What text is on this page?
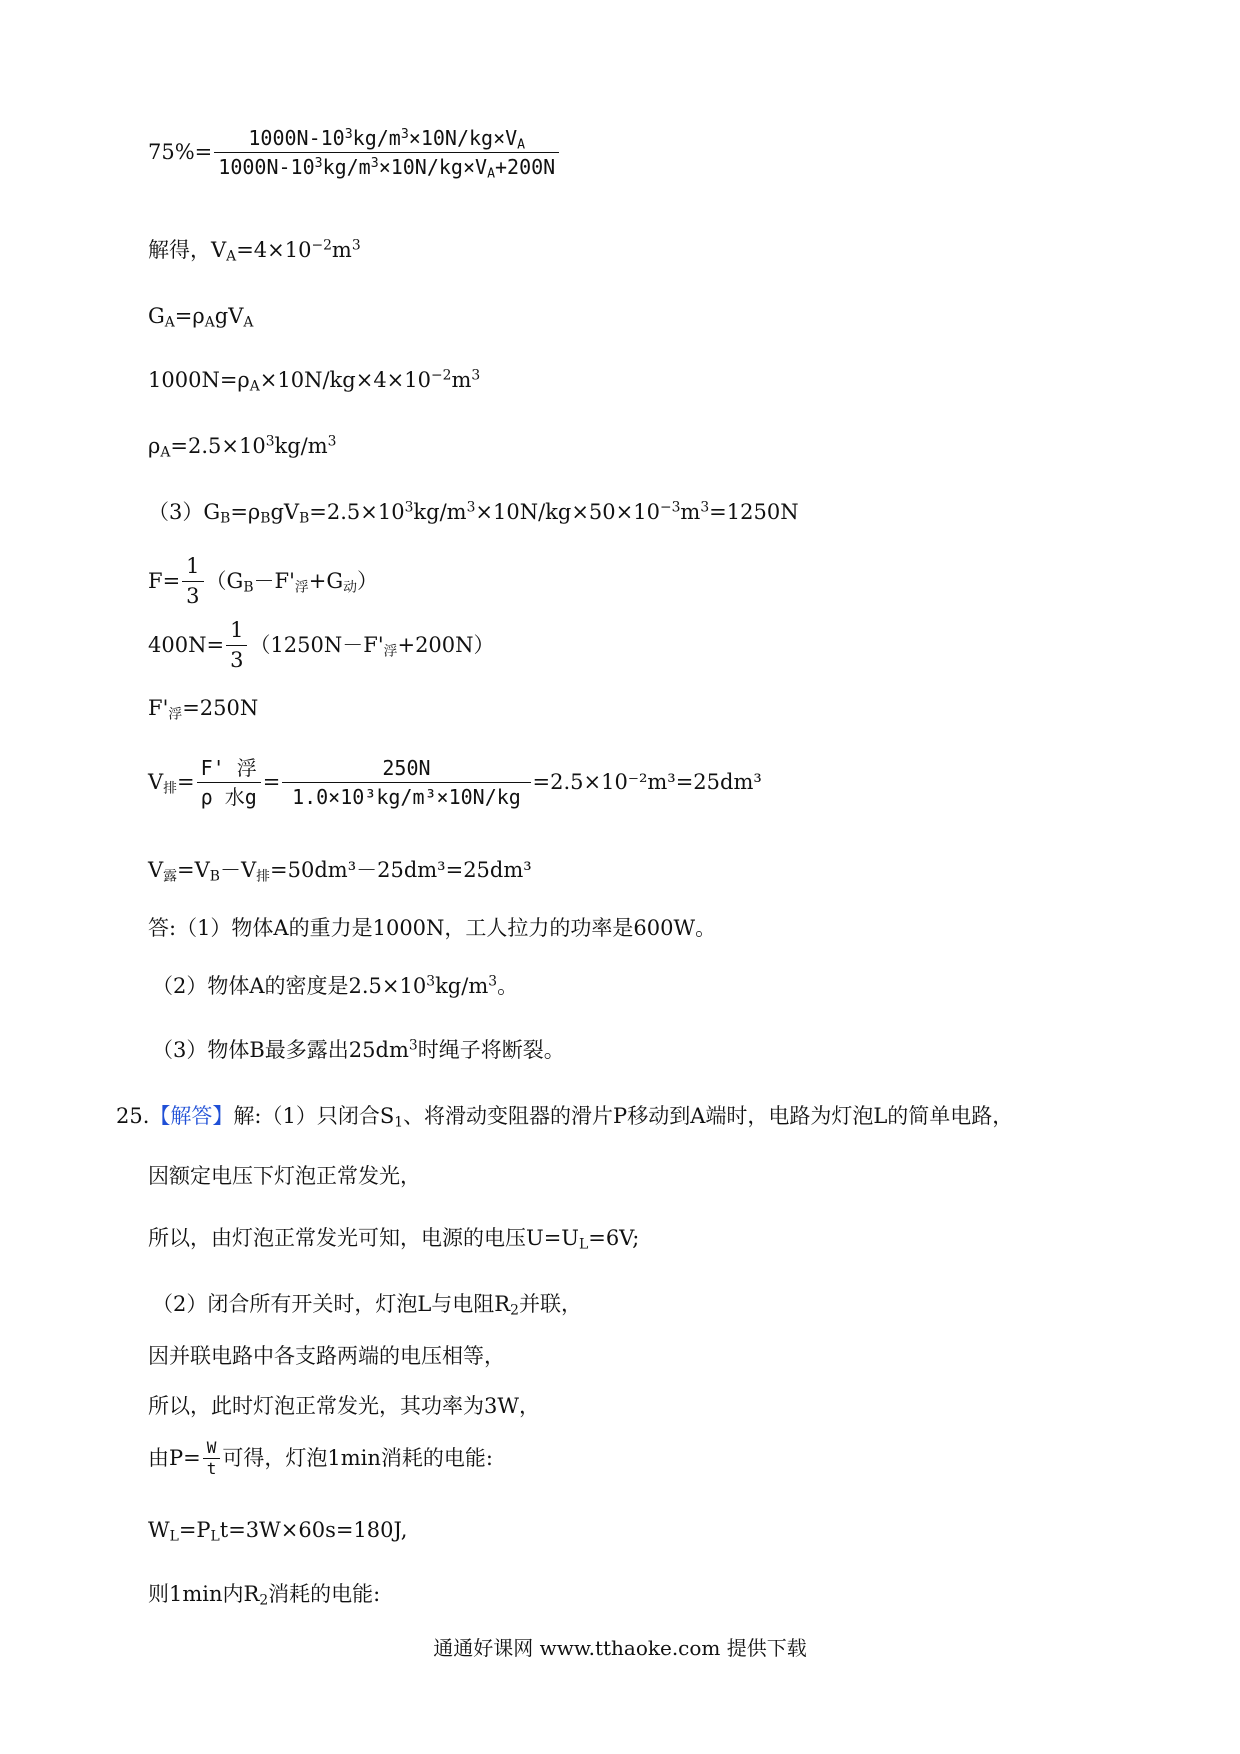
$75\%= \frac{1000N-10^3kg/m^3\times 10N/kg\times V_A}{1000N-10^3kg/m^3\times 10N/kg\times V_A+200N}$
解得，$V_A=4\times 10^{-2}m^3$
$G_A=\rho_AgV_A$
$1000N=\rho_A\times 10N/kg\times 4\times 10^{-2}m^3$
$\rho_A=2.5\times 10^3kg/m^3$
$(3)G_B=\rho_BgV_B=2.5\times 10^3kg/m^3\times 10N/kg\times 50\times 10^{-3}m^3=1250N$
$F= \frac{1}{3} (G_B-F'_浮+G_动)$
$400N= \frac{1}{3} (1250N-F'_浮+200N)$
$F'_浮=250N$
$V_排= \frac{\text{F' 浮}}{\text{ρ 水g}} = \frac{250N}{\text{1.0×10³kg/m³×10N/kg}} =2.5\times 10^{-2}m^3=25dm^3$
$V_露=V_B-V_排=50dm^3-25dm^3=25dm^3$
答:（1）物体A的重力是1000N，工人拉力的功率是600W。
（2）物体A的密度是$2.5\times 10^3kg/m^3$。
（3）物体B最多露出$25dm^3$时绳子将断裂。
25.【解答】解:（1）只闭合$S_1$、将滑动变阻器的滑片P移动到A端时，电路为灯泡L的简单电路，
因额定电压下灯泡正常发光，
所以，由灯泡正常发光可知，电源的电压$U=U_L=6V$;
（2）闭合所有开关时，灯泡L与电阻$R_2$并联，
因并联电路中各支路两端的电压相等，
所以，此时灯泡正常发光，其功率为3W，
由$P= \frac{W}{t}$ 可得，灯泡1min消耗的电能:
$W_L=P_Lt=3W\times 60s=180J$,
则1min内$R_2$消耗的电能:
通通好课网 www.tthaoke.com 提供下载
